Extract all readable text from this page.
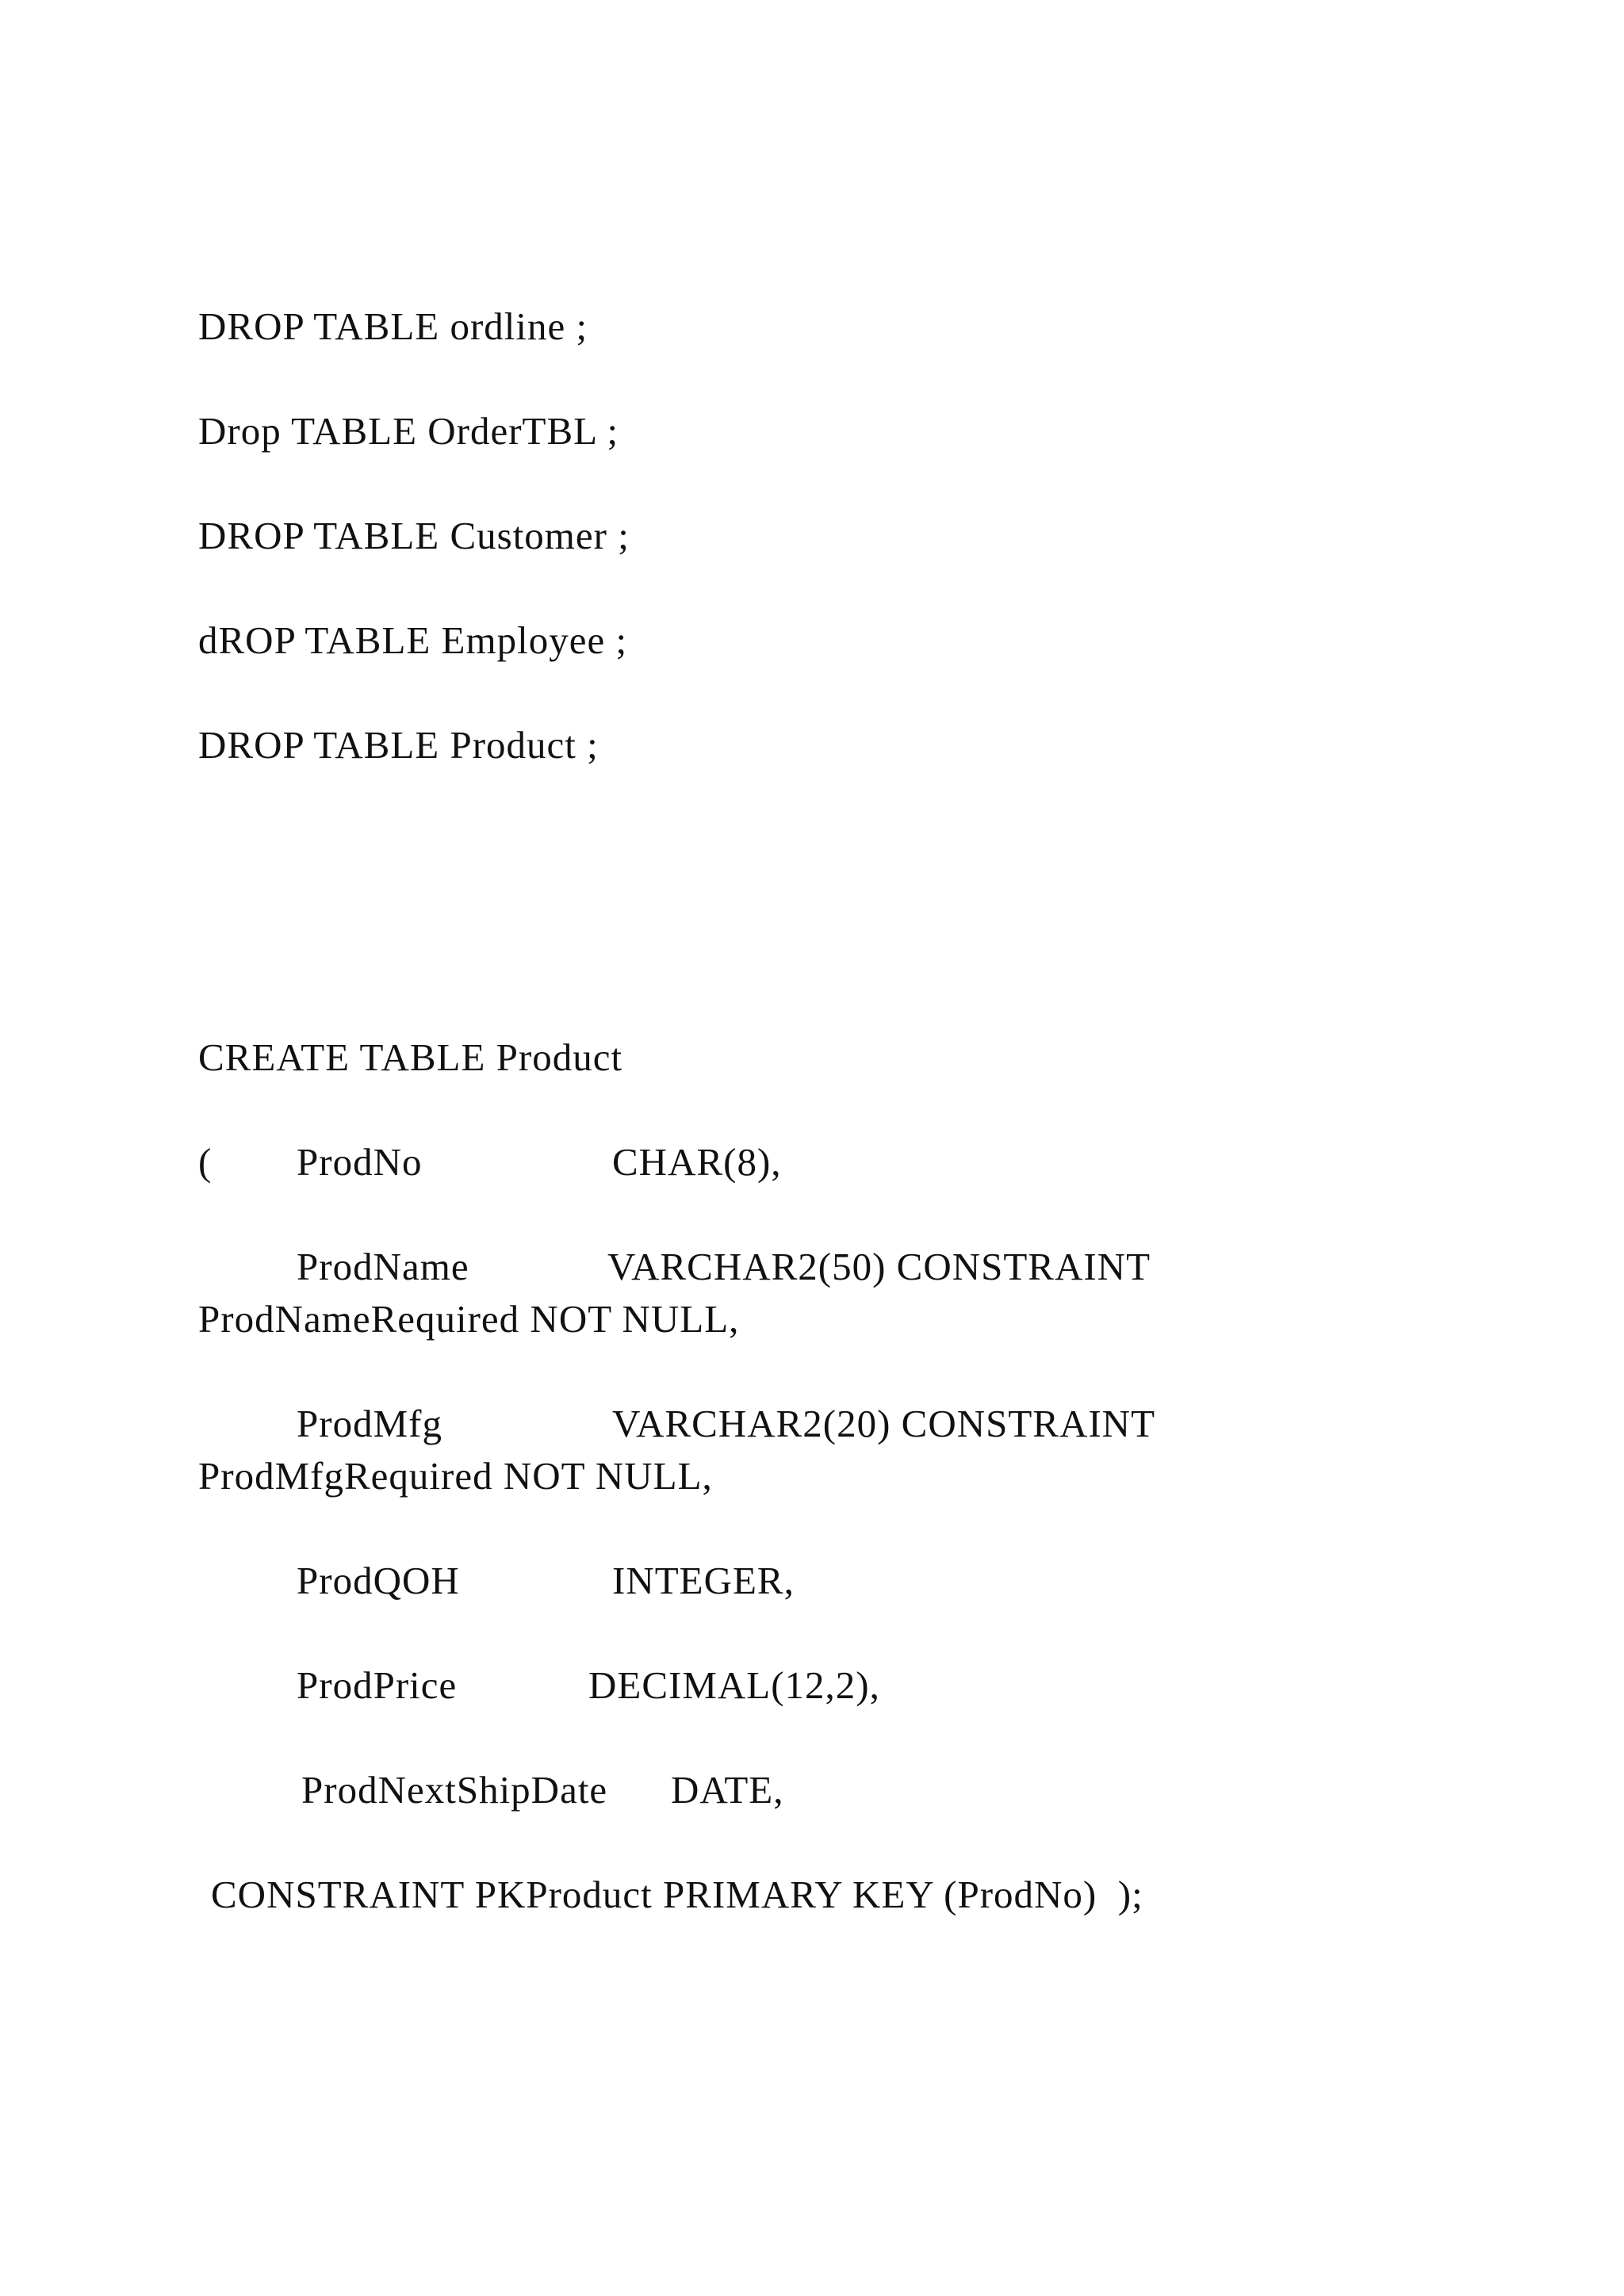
DROP TABLE ordline ;
Drop TABLE OrderTBL ;
DROP TABLE Customer ;
dROP TABLE Employee ;
DROP TABLE Product ;
CREATE TABLE Product
( ProdNo	CHAR(8),
ProdName	VARCHAR2(50) CONSTRAINT
ProdNameRequired NOT NULL,
ProdMfg	VARCHAR2(20) CONSTRAINT
ProdMfgRequired NOT NULL,
ProdQOH	INTEGER,
ProdPrice	DECIMAL(12,2),
ProdNextShipDate DATE,
CONSTRAINT PKProduct PRIMARY KEY (ProdNo)  );
